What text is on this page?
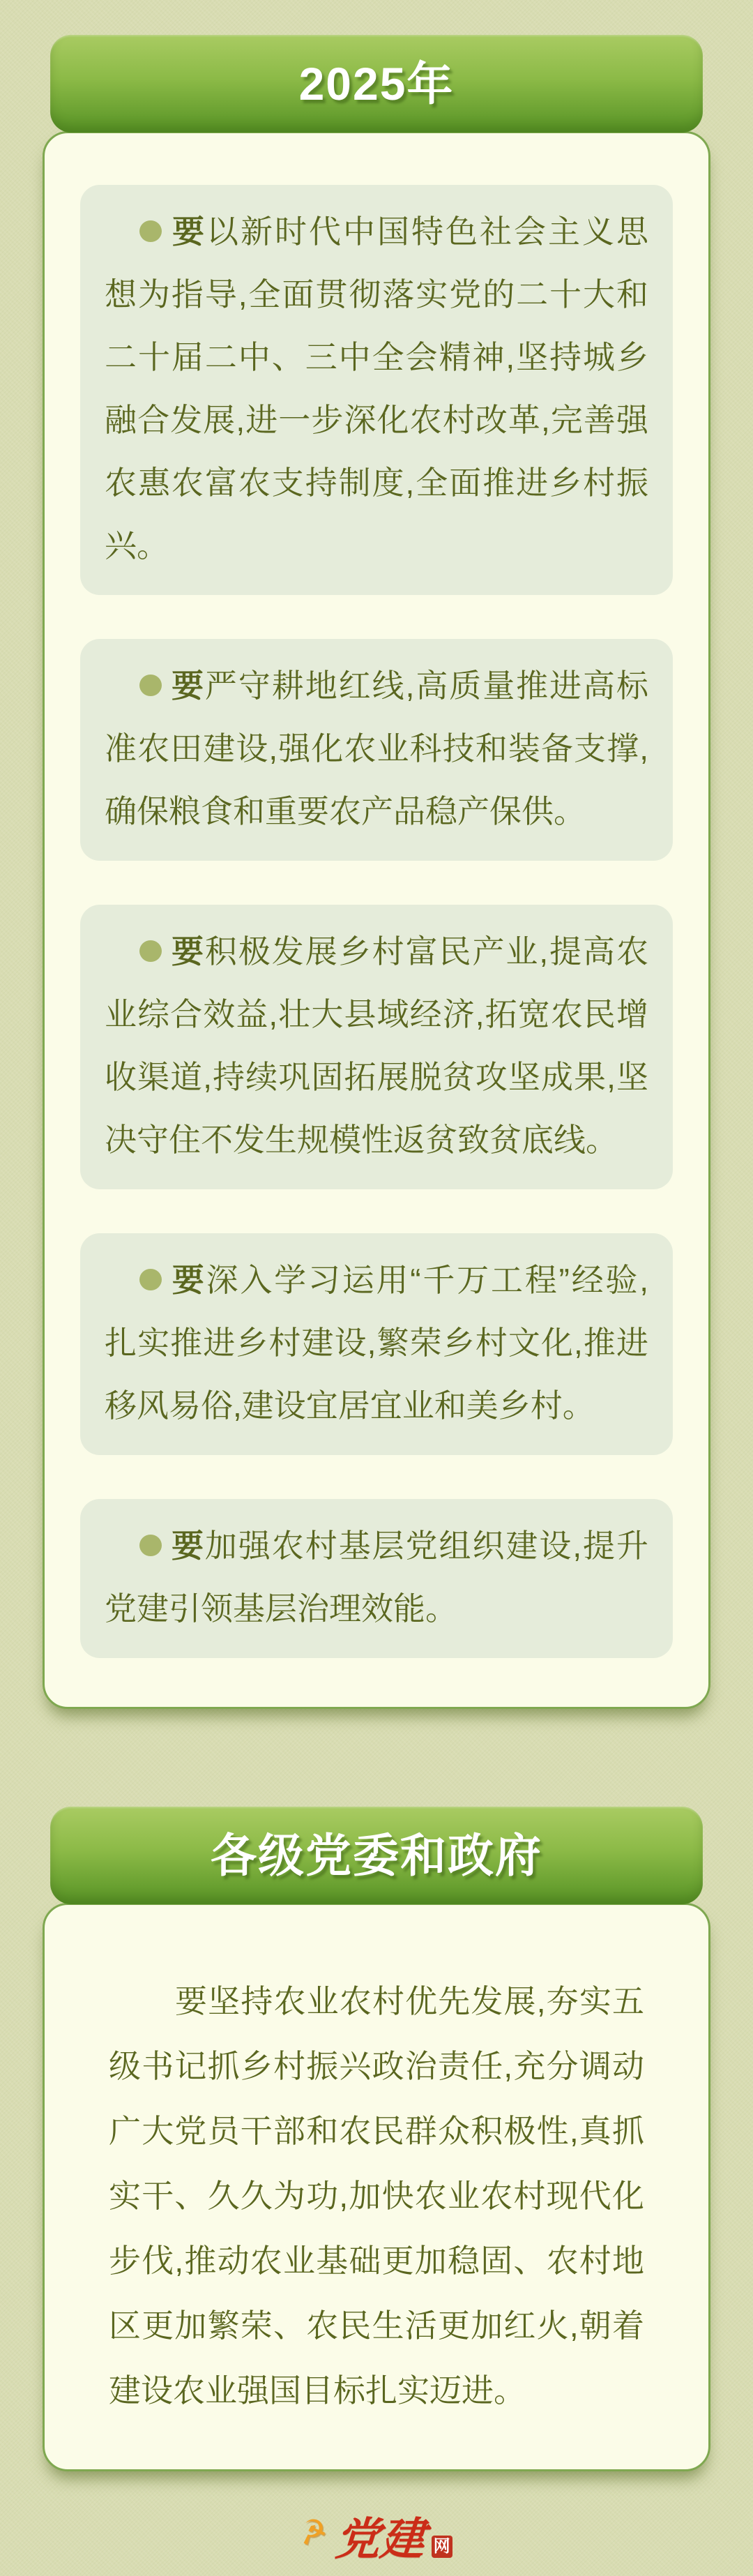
2025年

要以新时代中国特色社会主义思想为指导,全面贯彻落实党的二十大和二十届二中、三中全会精神,坚持城乡融合发展,进一步深化农村改革,完善强农惠农富农支持制度,全面推进乡村振兴。

要严守耕地红线,高质量推进高标准农田建设,强化农业科技和装备支撑,确保粮食和重要农产品稳产保供。

要积极发展乡村富民产业,提高农业综合效益,壮大县域经济,拓宽农民增收渠道,持续巩固拓展脱贫攻坚成果,坚决守住不发生规模性返贫致贫底线。

要深入学习运用“千万工程”经验,扎实推进乡村建设,繁荣乡村文化,推进移风易俗,建设宜居宜业和美乡村。

要加强农村基层党组织建设,提升党建引领基层治理效能。

各级党委和政府

要坚持农业农村优先发展,夯实五级书记抓乡村振兴政治责任,充分调动广大党员干部和农民群众积极性,真抓实干、久久为功,加快农业农村现代化步伐,推动农业基础更加稳固、农村地区更加繁荣、农民生活更加红火,朝着建设农业强国目标扎实迈进。

☭ 党建 网
